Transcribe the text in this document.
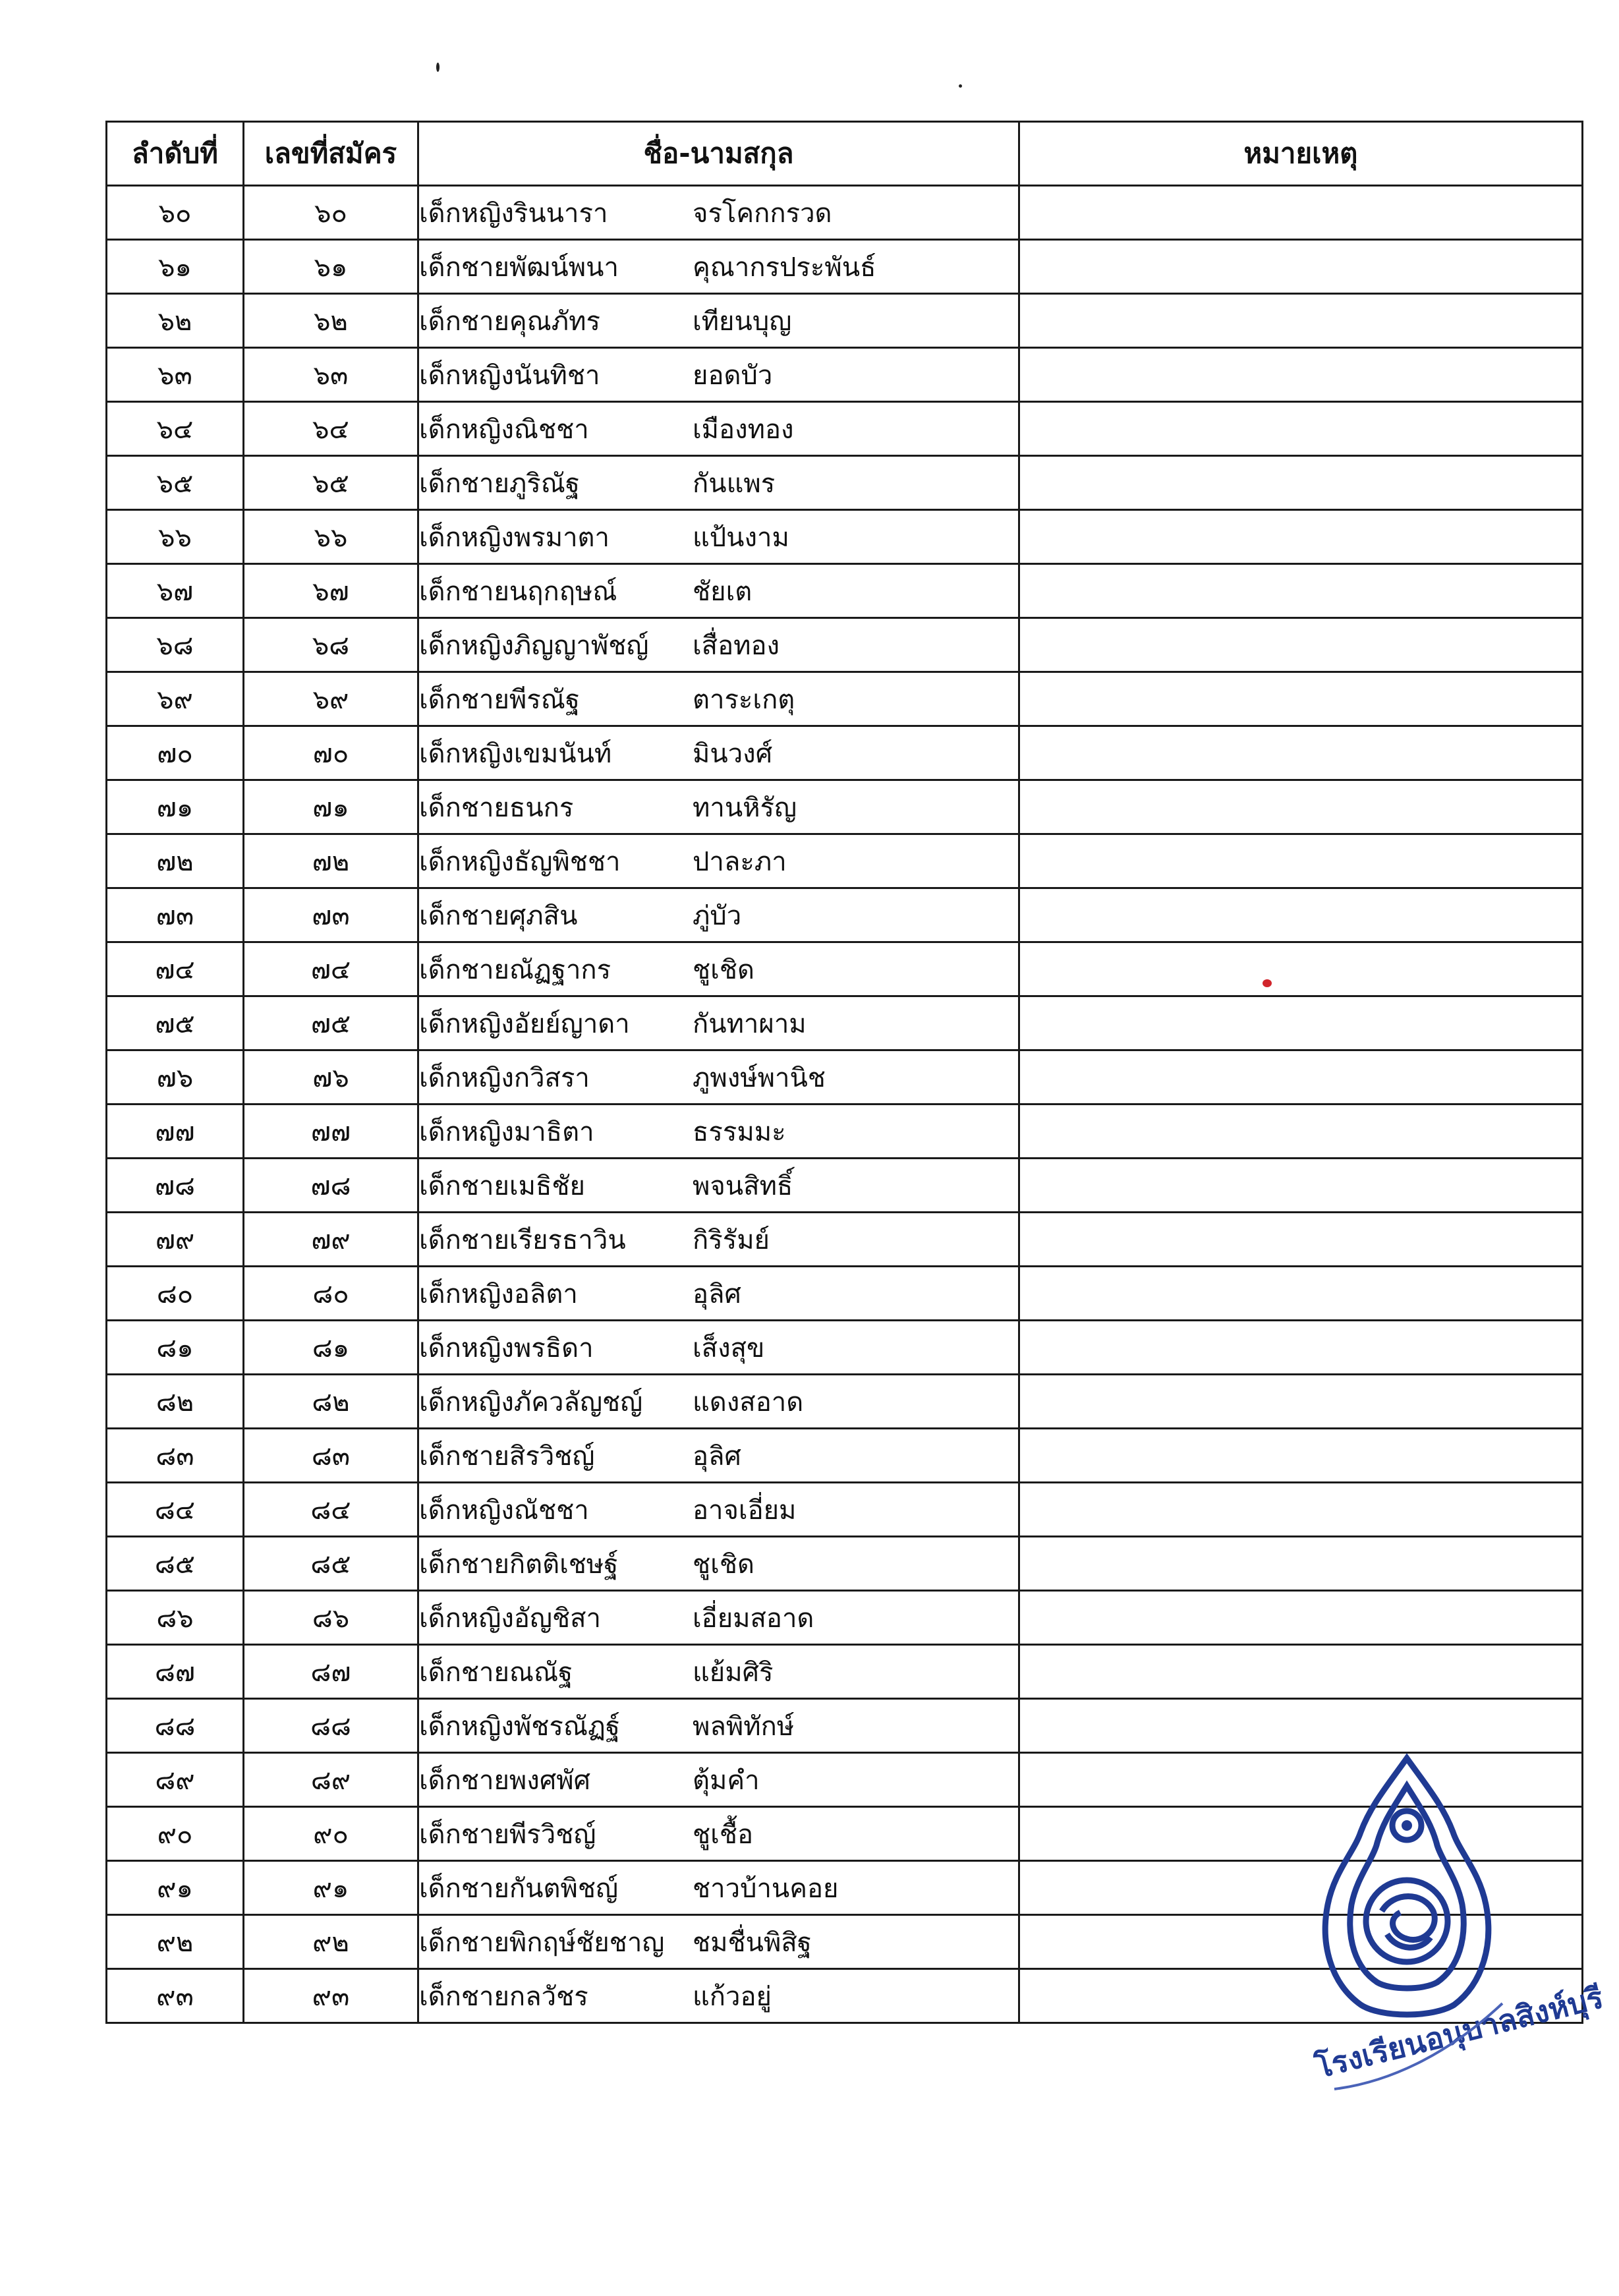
ลำดับที่	เลขที่สมัคร	ชื่อ-นามสกุล	หมายเหตุ
๖๐	๖๐	เด็กหญิงรินนารา จรโคกกรวด	
๖๑	๖๑	เด็กชายพัฒน์พนา คุณากรประพันธ์	
๖๒	๖๒	เด็กชายคุณภัทร เทียนบุญ	
๖๓	๖๓	เด็กหญิงนันทิชา ยอดบัว	
๖๔	๖๔	เด็กหญิงณิชชา เมืองทอง	
๖๕	๖๕	เด็กชายภูริณัฐ กันแพร	
๖๖	๖๖	เด็กหญิงพรมาตา แป้นงาม	
๖๗	๖๗	เด็กชายนฤกฤษณ์ ชัยเต	
๖๘	๖๘	เด็กหญิงภิญญาพัชญ์ เสื่อทอง	
๖๙	๖๙	เด็กชายพีรณัฐ ตาระเกตุ	
๗๐	๗๐	เด็กหญิงเขมนันท์ มินวงศ์	
๗๑	๗๑	เด็กชายธนกร ทานหิรัญ	
๗๒	๗๒	เด็กหญิงธัญพิชชา ปาละภา	
๗๓	๗๓	เด็กชายศุภสิน ภู่บัว	
๗๔	๗๔	เด็กชายณัฏฐากร ชูเชิด	
๗๕	๗๕	เด็กหญิงอัยย์ญาดา กันทาผาม	
๗๖	๗๖	เด็กหญิงกวิสรา ภูพงษ์พานิช	
๗๗	๗๗	เด็กหญิงมาธิตา ธรรมมะ	
๗๘	๗๘	เด็กชายเมธิชัย พจนสิทธิ์	
๗๙	๗๙	เด็กชายเรียรธาวิน กิริรัมย์	
๘๐	๘๐	เด็กหญิงอลิตา อุลิศ	
๘๑	๘๑	เด็กหญิงพรธิดา เส็งสุข	
๘๒	๘๒	เด็กหญิงภัควลัญชญ์ แดงสอาด	
๘๓	๘๓	เด็กชายสิรวิชญ์ อุลิศ	
๘๔	๘๔	เด็กหญิงณัชชา อาจเอี่ยม	
๘๕	๘๕	เด็กชายกิตติเชษฐ์ ชูเชิด	
๘๖	๘๖	เด็กหญิงอัญชิสา เอี่ยมสอาด	
๘๗	๘๗	เด็กชายณณัฐ แย้มศิริ	
๘๘	๘๘	เด็กหญิงพัชรณัฏฐ์ พลพิทักษ์	
๘๙	๘๙	เด็กชายพงศพัศ ตุ้มคำ	
๙๐	๙๐	เด็กชายพีรวิชญ์ ชูเชื้อ	
๙๑	๙๑	เด็กชายกันตพิชญ์ ชาวบ้านคอย	
๙๒	๙๒	เด็กชายพิกฤษ์ชัยชาญ ชมชื่นพิสิฐ	
๙๓	๙๓	เด็กชายกลวัชร แก้วอยู่		โรงเรียนอนุบาลสิงห์บุรี
